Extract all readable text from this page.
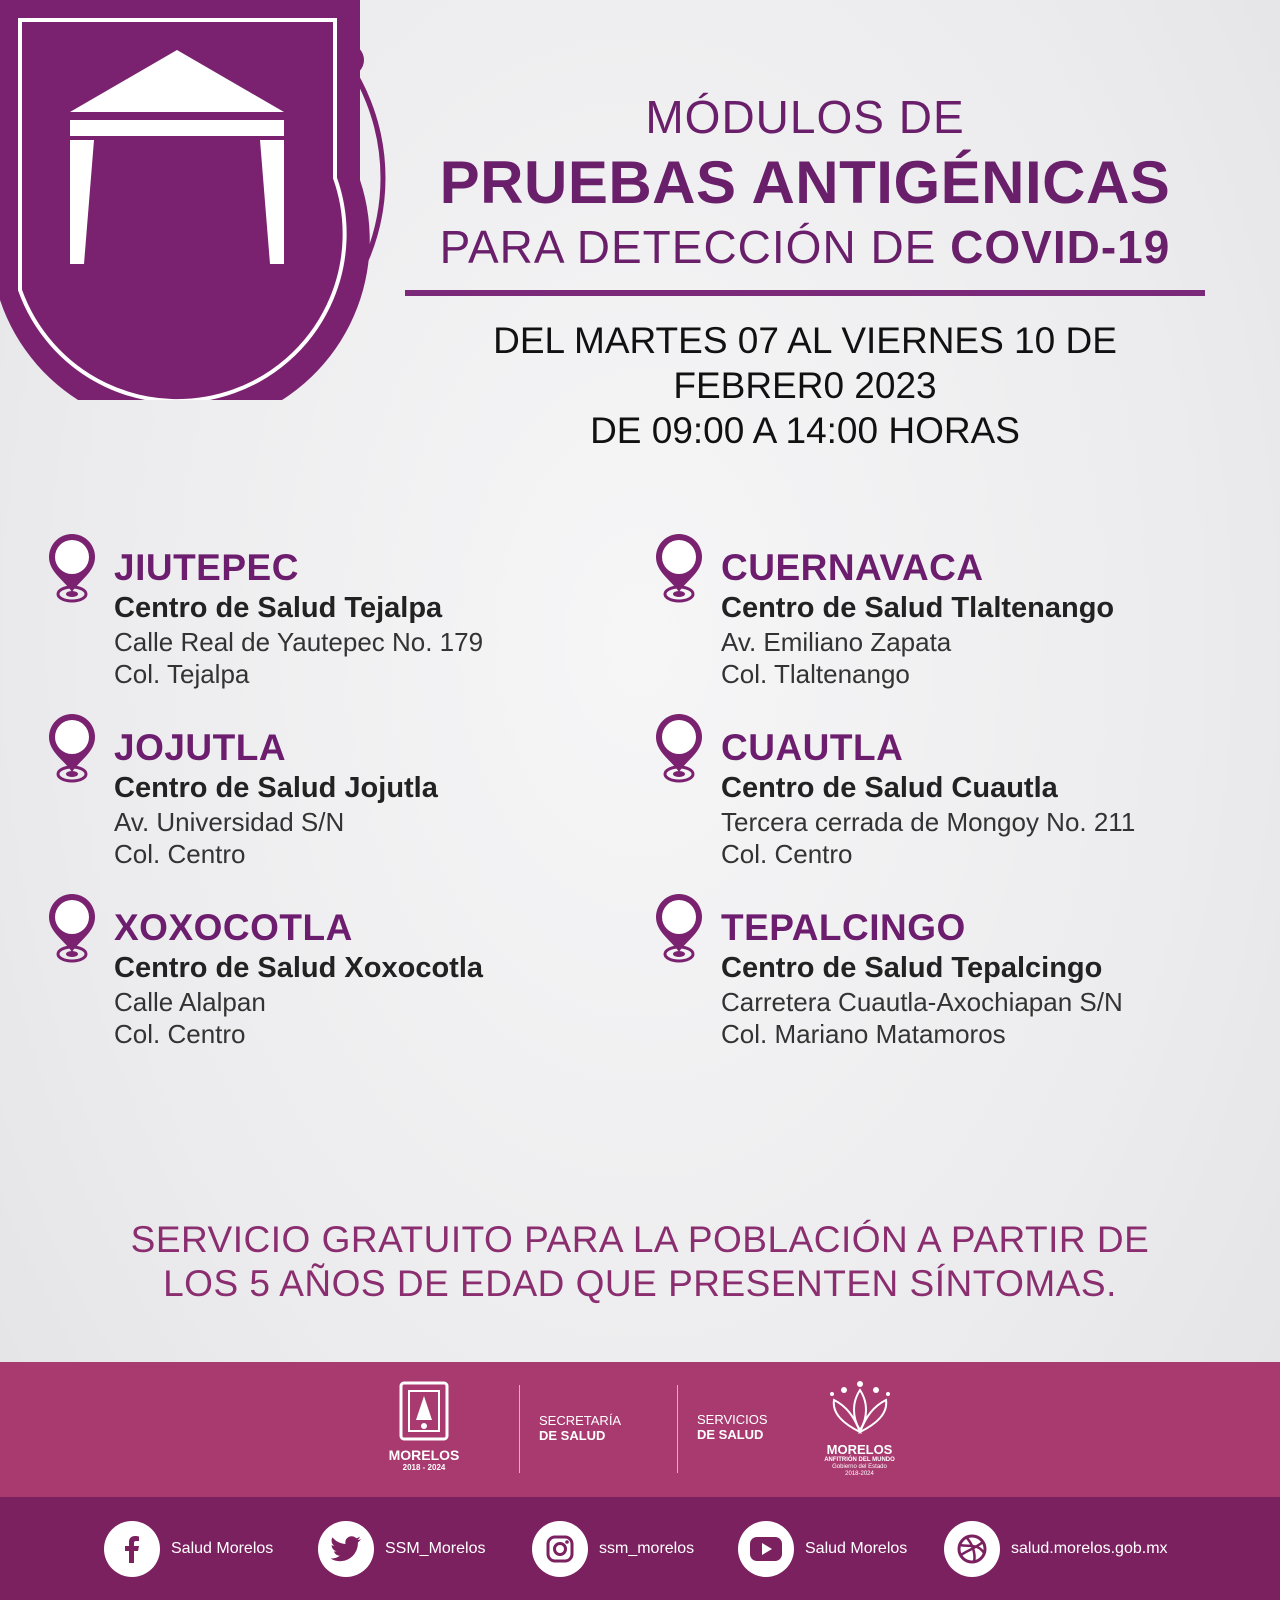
MÓDULOS DE
PRUEBAS ANTIGÉNICAS
PARA DETECCIÓN DE COVID-19
DEL MARTES 07 AL VIERNES 10 DE
FEBRER0 2023
DE 09:00 A 14:00 HORAS
JIUTEPEC
Centro de Salud Tejalpa
Calle Real de Yautepec No. 179
Col. Tejalpa
CUERNAVACA
Centro de Salud Tlaltenango
Av. Emiliano Zapata
Col. Tlaltenango
JOJUTLA
Centro de Salud Jojutla
Av. Universidad S/N
Col. Centro
CUAUTLA
Centro de Salud Cuautla
Tercera cerrada de Mongoy No. 211
Col. Centro
XOXOCOTLA
Centro de Salud Xoxocotla
Calle Alalpan
Col. Centro
TEPALCINGO
Centro de Salud Tepalcingo
Carretera Cuautla-Axochiapan S/N
Col. Mariano Matamoros
SERVICIO GRATUITO PARA LA POBLACIÓN A PARTIR DE
LOS 5 AÑOS DE EDAD QUE PRESENTEN SÍNTOMAS.
MORELOS
2018 - 2024
SECRETARÍA
DE SALUD
SERVICIOS
DE SALUD
MORELOS
ANFITRIÓN DEL MUNDO
Gobierno del Estado
2018-2024
Salud Morelos	SSM_Morelos	ssm_morelos	Salud Morelos	salud.morelos.gob.mx
